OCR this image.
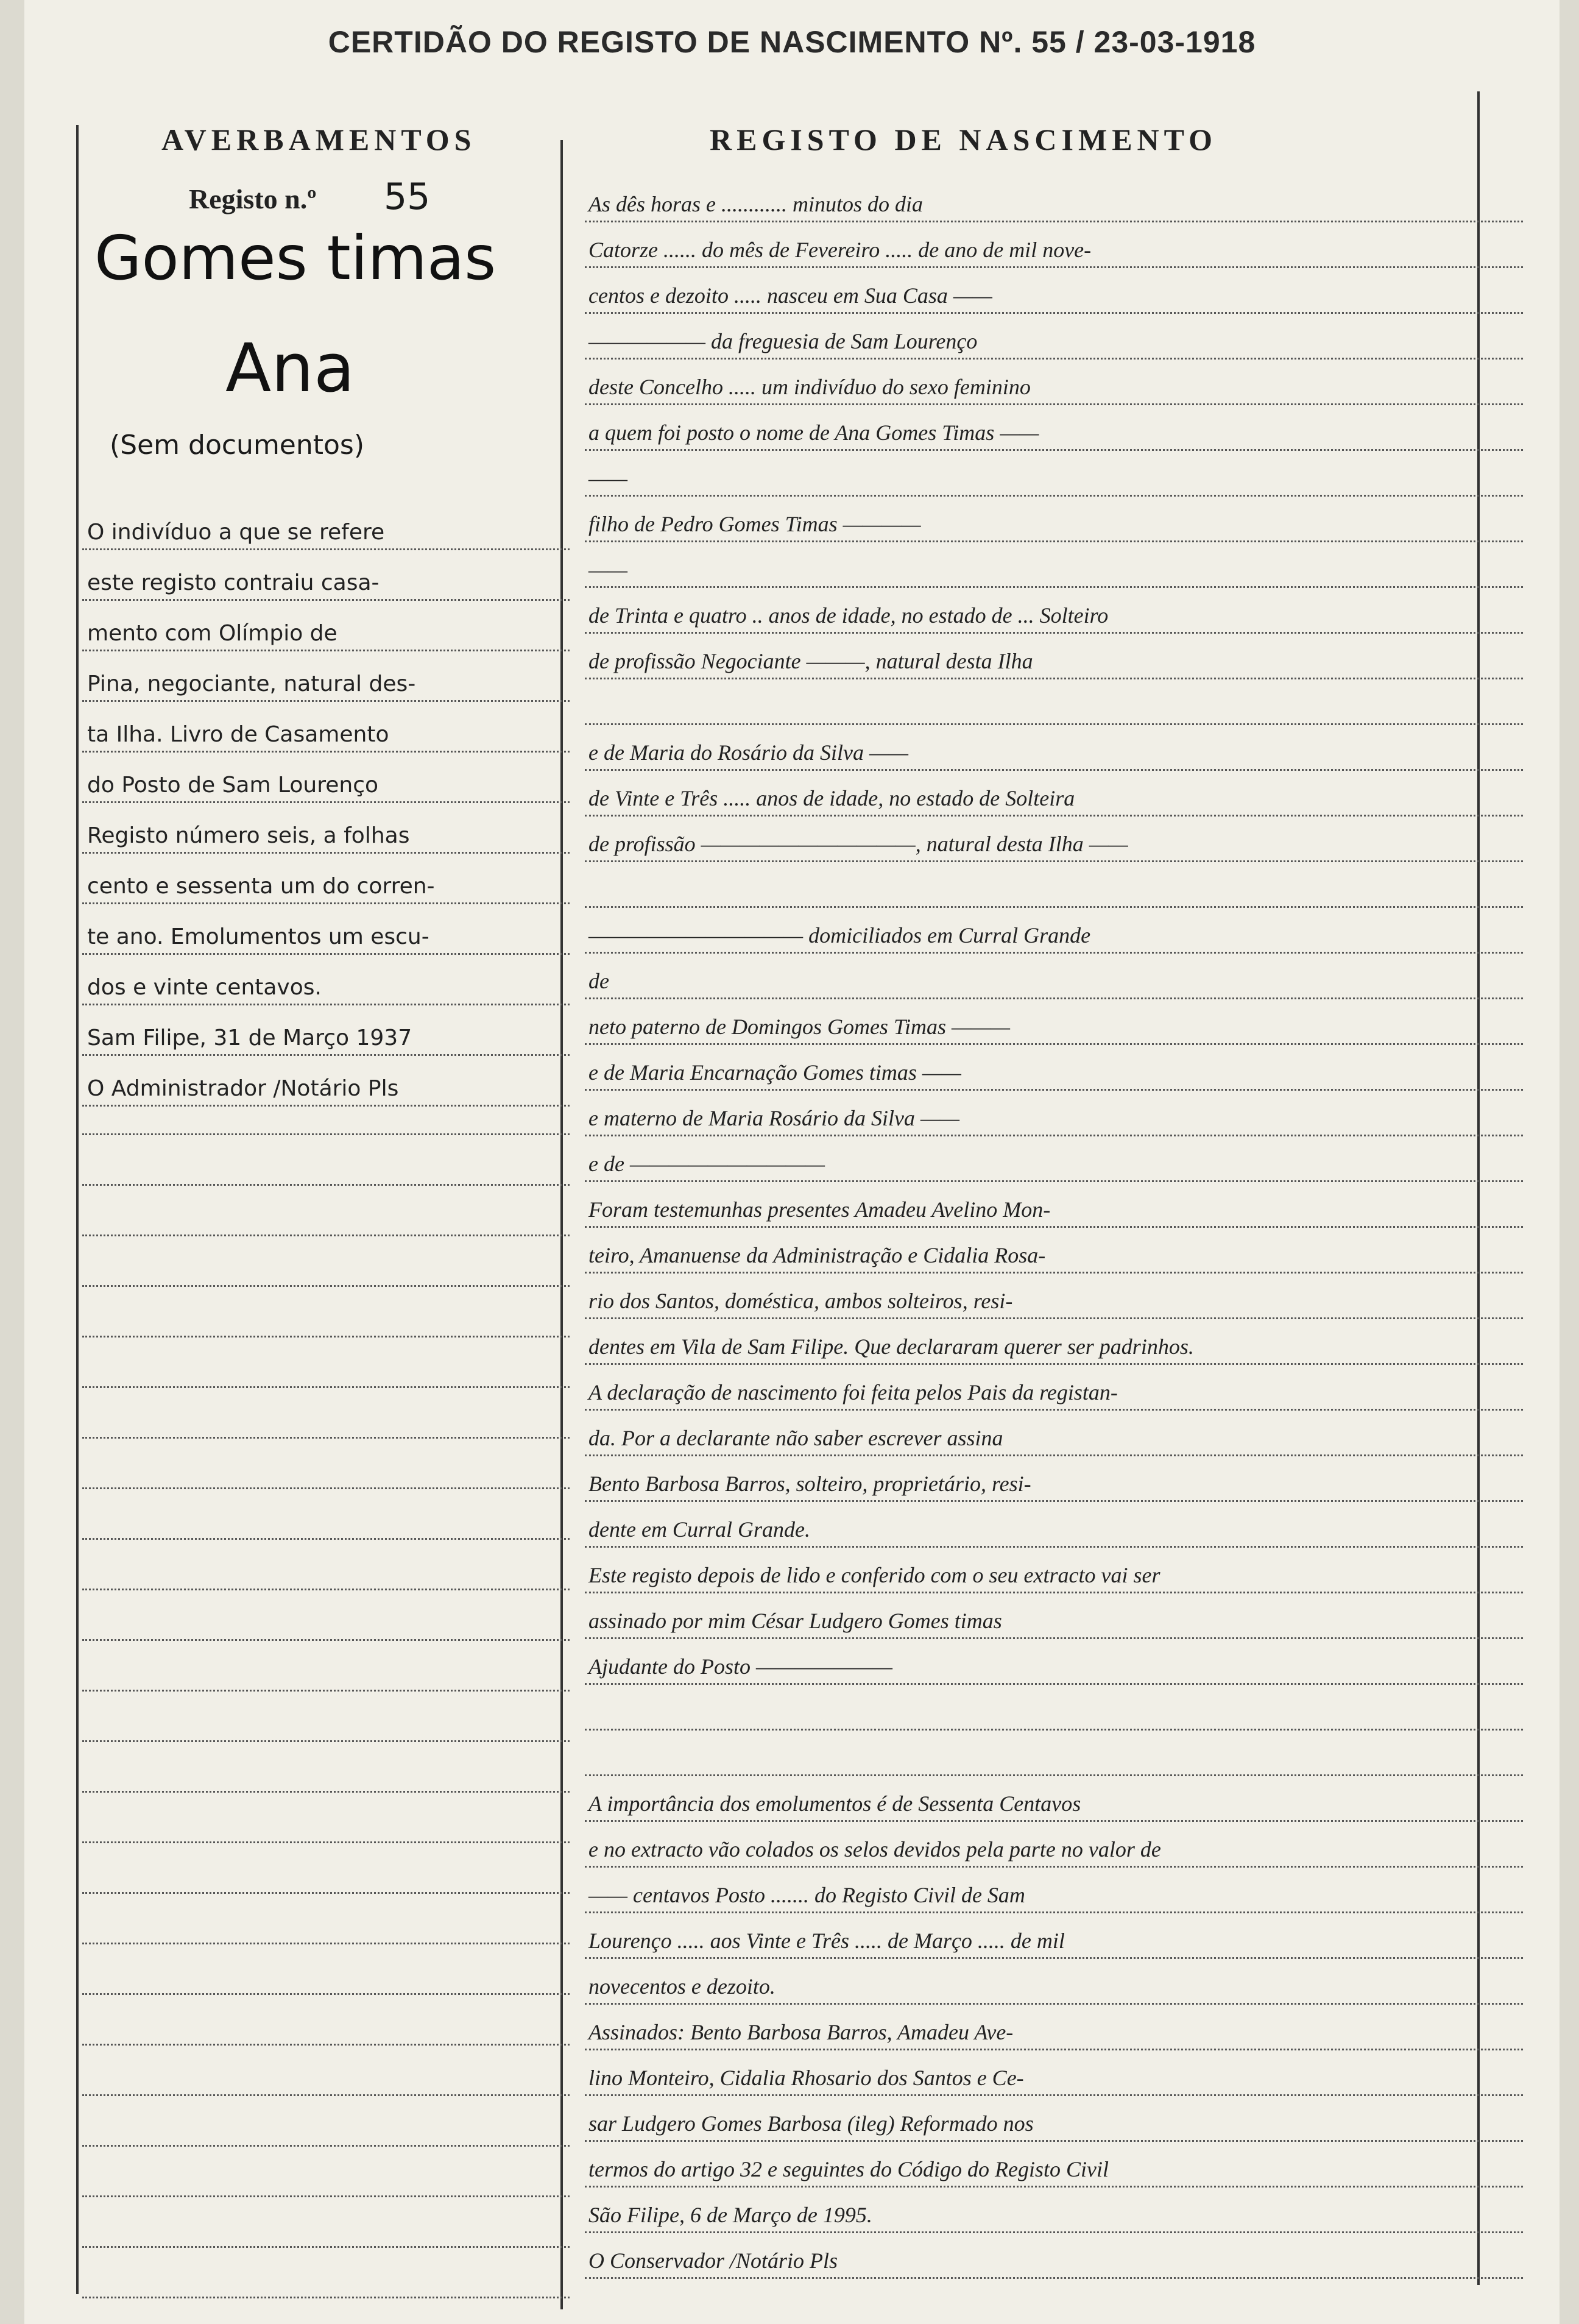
CERTIDÃO DO REGISTO DE NASCIMENTO Nº. 55 / 23-03-1918
AVERBAMENTOS	REGISTO DE NASCIMENTO
Registo n.º 55
Gomes timas
Ana
(Sem documentos)
O indivíduo a que se refere
este registo contraiu casa-
mento com Olímpio de
Pina, negociante, natural des-
ta Ilha. Livro de Casamento
do Posto de Sam Lourenço
Registo número seis, a folhas
cento e sessenta um do corren-
te ano. Emolumentos um escu-
dos e vinte centavos.
Sam Filipe, 31 de Março 1937
O Administrador /Notário Pls
As dês horas e ............ minutos do dia
Catorze ...... do mês de Fevereiro ..... de ano de mil nove-
centos e dezoito ..... nasceu em Sua Casa ——
—————— da freguesia de Sam Lourenço
deste Concelho ..... um indivíduo do sexo feminino
a quem foi posto o nome de Ana Gomes Timas ——
——
filho de Pedro Gomes Timas ————
——
de Trinta e quatro .. anos de idade, no estado de ... Solteiro
de profissão Negociante ———, natural desta Ilha
e de Maria do Rosário da Silva ——
de Vinte e Três ..... anos de idade, no estado de Solteira
de profissão ———————————, natural desta Ilha ——
——————————— domiciliados em Curral Grande
de
neto paterno de Domingos Gomes Timas ———
e de Maria Encarnação Gomes timas ——
e materno de Maria Rosário da Silva ——
e de ——————————
Foram testemunhas presentes Amadeu Avelino Mon-
teiro, Amanuense da Administração e Cidalia Rosa-
rio dos Santos, doméstica, ambos solteiros, resi-
dentes em Vila de Sam Filipe. Que declararam querer ser padrinhos.
A declaração de nascimento foi feita pelos Pais da registan-
da. Por a declarante não saber escrever assina
Bento Barbosa Barros, solteiro, proprietário, resi-
dente em Curral Grande.
Este registo depois de lido e conferido com o seu extracto vai ser
assinado por mim César Ludgero Gomes timas
Ajudante do Posto ———————
A importância dos emolumentos é de Sessenta Centavos
e no extracto vão colados os selos devidos pela parte no valor de
—— centavos Posto ....... do Registo Civil de Sam
Lourenço ..... aos Vinte e Três ..... de Março ..... de mil
novecentos e dezoito.
Assinados: Bento Barbosa Barros, Amadeu Ave-
lino Monteiro, Cidalia Rhosario dos Santos e Ce-
sar Ludgero Gomes Barbosa (ileg) Reformado nos
termos do artigo 32 e seguintes do Código do Registo Civil
São Filipe, 6 de Março de 1995.
O Conservador /Notário Pls
